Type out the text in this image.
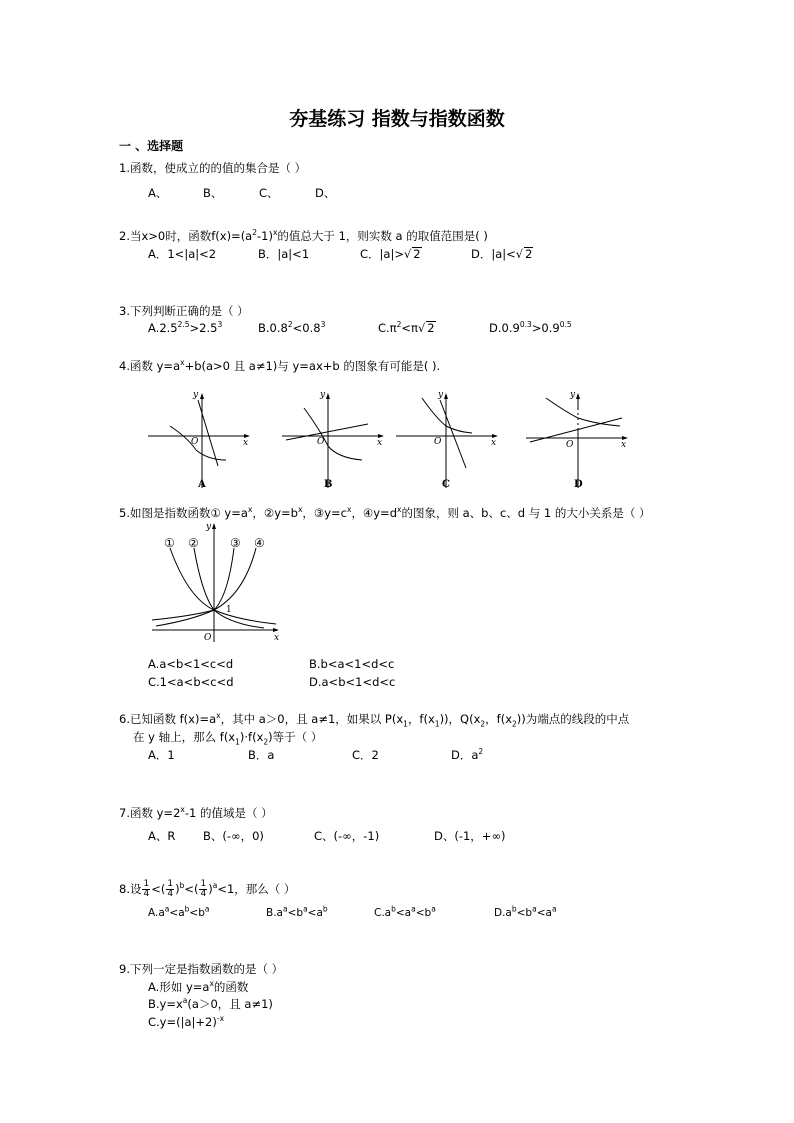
夯基练习 指数与指数函数
一 、选择题
1.函数，使成立的的值的集合是（ ）
A、	B、	C、	D、
2.当x>0时，函数$f(x)=(a^2-1)^x$的值总大于 1，则实数 a 的取值范围是( )
A．1<|a|<2	B．|a|<1	C．|a|>√ 2	D．|a|<√ 2
3.下列判断正确的是（ ）
$A.2.5^{2.5}>2.5^3$	$B.0.8^2<0.8^3$	$C.\pi^2<\pi√$ 2	$D.0.9^{0.3}>0.9^{0.5}$
4.函数 $y=a^x+b(a>0$ 且 a≠1)与 y=ax+b 的图象有可能是( ).
y
x
O
A
y
x
O
B
y
x
O
C
y
x
O
D
5.如图是指数函数① $y=a^x$，$②y=b^x$，$③y=c^x$，$④y=d^x$的图象，则 a、b、c、d 与 1 的大小关系是（ ）
y
x
O
1
① ②	③ ④
A.a<b<1<c<d	B.b<a<1<d<c
C.1<a<b<c<d	D.a<b<1<d<c
6.已知函数 $f(x)=a^x$，其中 a＞0，且 a≠1，如果以 $P(x_1$，$f(x_1)$)，$Q(x_2$，$f(x_2)$)为端点的线段的中点
在 y 轴上，那么 $f(x_1)\cdot f(x_2)$等于（ ）
A．1	B．a	C．2	D．$a^2$
7.函数 $y=2^x-1$ 的值域是（ ）
A、R B、(-∞，0)	C、(-∞，-1)	D、(-1，+∞)
8.设 $\frac{1}{4}$ <( $\frac{1}{4} )^b<( \frac{1}{4} )^a<1$，那么（ ）
$A.a^a<a^b<b^a$	$B.a^a<b^a<a^b$	$C.a^b<a^a<b^a$	$D.a^b<b^a<a^a$
9.下列一定是指数函数的是（ ）
A.形如 $y=a^x$的函数
$B.y=x^a(a>0$，且 a≠1)
$C.y=(|a|+2)^{-x}$
